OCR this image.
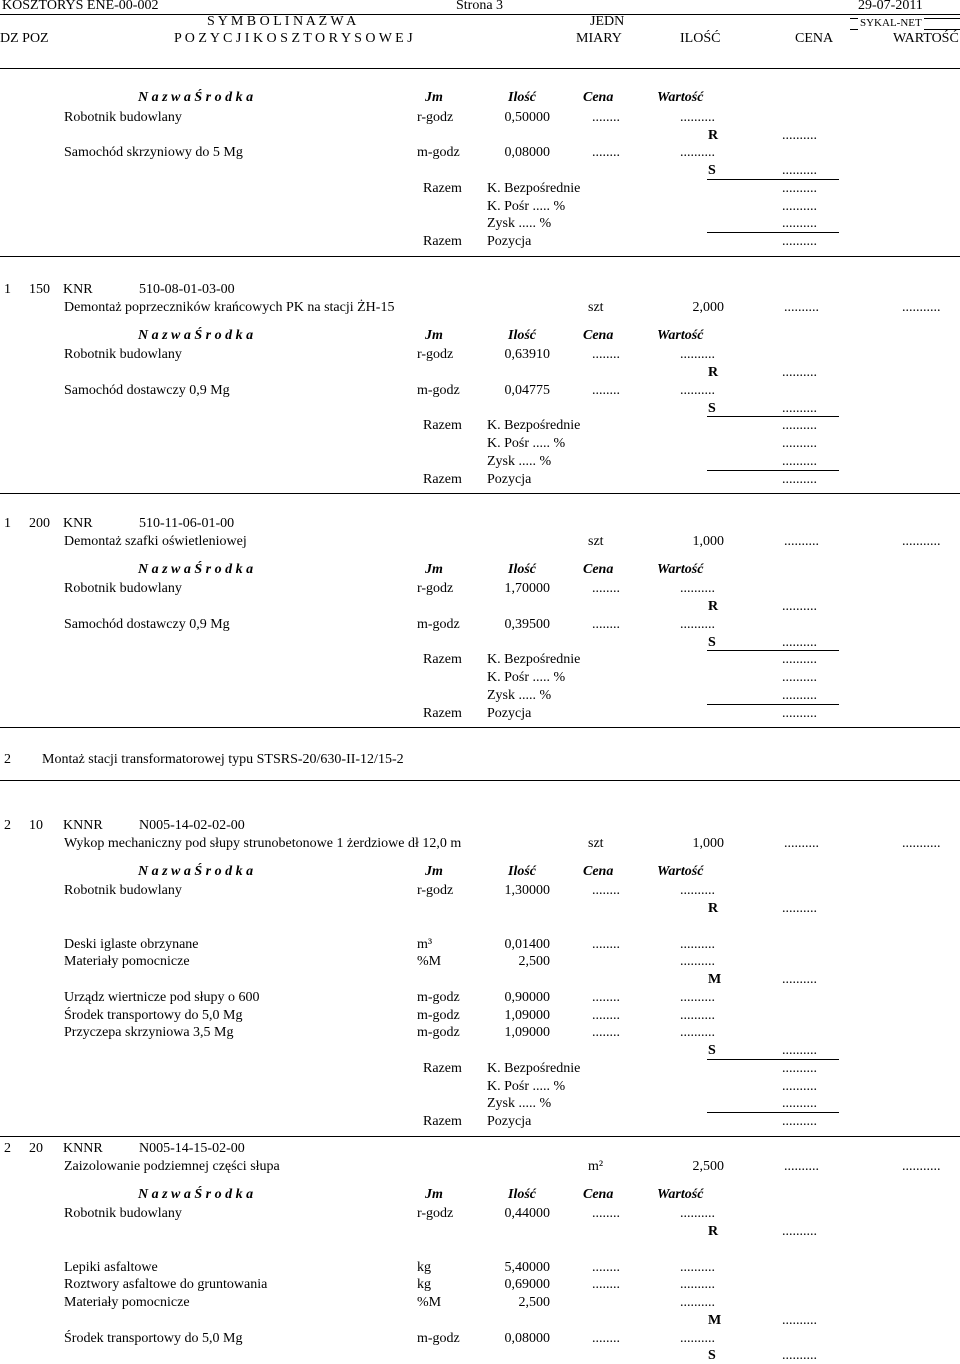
KOSZTORYS ENE-00-002	Strona 3	29-07-2011
SYKAL-NET
S Y M B O L I N A Z W A	JEDN
DZ POZ	P O Z Y C J I K O S Z T O R Y S O W E J	MIARY	ILOŚĆ	CENA	WARTOŚĆ
N a z w a Ś r o d k a	Jm	Ilość	Cena	Wartość
Robotnik budowlany	r-godz	0,50000	........	..........
R	..........
Samochód skrzyniowy do 5 Mg	m-godz	0,08000	........	..........
S	..........
Razem K. Bezpośrednie	..........
K. Pośr ..... %	..........
Zysk ..... %	..........
Razem Pozycja	..........
1 150 KNR	510-08-01-03-00
Demontaż poprzeczników krańcowych PK na stacji ŻH-15	szt	2,000	..........	...........
N a z w a Ś r o d k a	Jm	Ilość	Cena	Wartość
Robotnik budowlany	r-godz	0,63910	........	..........
R	..........
Samochód dostawczy 0,9 Mg	m-godz	0,04775	........	..........
S	..........
Razem K. Bezpośrednie	..........
K. Pośr ..... %	..........
Zysk ..... %	..........
Razem Pozycja	..........
1 200 KNR	510-11-06-01-00
Demontaż szafki oświetleniowej	szt	1,000	..........	...........
N a z w a Ś r o d k a	Jm	Ilość	Cena	Wartość
Robotnik budowlany	r-godz	1,70000	........	..........
R	..........
Samochód dostawczy 0,9 Mg	m-godz	0,39500	........	..........
S	..........
Razem K. Bezpośrednie	..........
K. Pośr ..... %	..........
Zysk ..... %	..........
Razem Pozycja	..........
2 Montaż stacji transformatorowej typu STSRS-20/630-II-12/15-2
2 10 KNNR	N005-14-02-02-00
Wykop mechaniczny pod słupy strunobetonowe 1 żerdziowe dł 12,0 m	szt	1,000	..........	...........
N a z w a Ś r o d k a	Jm	Ilość	Cena	Wartość
Robotnik budowlany	r-godz	1,30000	........	..........
R	..........
Deski iglaste obrzynane	m³	0,01400	........	..........
Materiały pomocnicze	%M	2,500	..........
M	..........
Urządz wiertnicze pod słupy o 600	m-godz	0,90000	........	..........
Środek transportowy do 5,0 Mg	m-godz	1,09000	........	..........
Przyczepa skrzyniowa 3,5 Mg	m-godz	1,09000	........	..........
S	..........
Razem K. Bezpośrednie	..........
K. Pośr ..... %	..........
Zysk ..... %	..........
Razem Pozycja	..........
2 20 KNNR	N005-14-15-02-00
Zaizolowanie podziemnej części słupa	m²	2,500	..........	...........
N a z w a Ś r o d k a	Jm	Ilość	Cena	Wartość
Robotnik budowlany	r-godz	0,44000	........	..........
R	..........
Lepiki asfaltowe	kg	5,40000	........	..........
Roztwory asfaltowe do gruntowania	kg	0,69000	........	..........
Materiały pomocnicze	%M	2,500	..........
M	..........
Środek transportowy do 5,0 Mg	m-godz	0,08000	........	..........
S	..........
